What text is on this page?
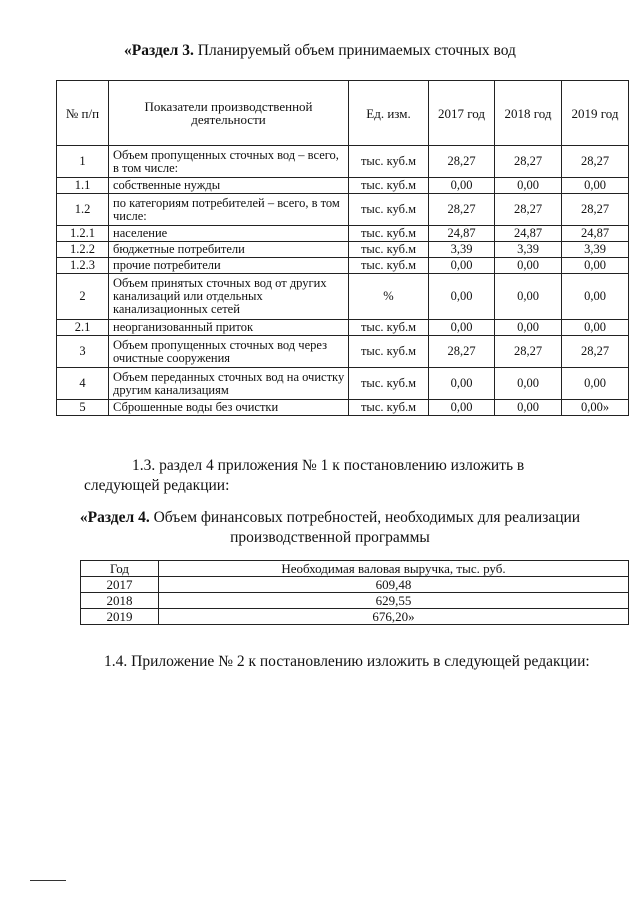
«Раздел 3. Планируемый объем принимаемых сточных вод
№ п/п	Показатели производственной деятельности	Ед. изм.	2017 год	2018 год	2019 год
1	Объем пропущенных сточных вод – всего, в том числе:	тыс. куб.м	28,27	28,27	28,27
1.1	собственные нужды	тыс. куб.м	0,00	0,00	0,00
1.2	по категориям потребителей – всего, в том числе:	тыс. куб.м	28,27	28,27	28,27
1.2.1	население	тыс. куб.м	24,87	24,87	24,87
1.2.2	бюджетные потребители	тыс. куб.м	3,39	3,39	3,39
1.2.3	прочие потребители	тыс. куб.м	0,00	0,00	0,00
2	Объем принятых сточных вод от других канализаций или отдельных канализационных сетей	%	0,00	0,00	0,00
2.1	неорганизованный приток	тыс. куб.м	0,00	0,00	0,00
3	Объем пропущенных сточных вод через очистные сооружения	тыс. куб.м	28,27	28,27	28,27
4	Объем переданных сточных вод на очистку другим канализациям	тыс. куб.м	0,00	0,00	0,00
5	Сброшенные воды без очистки	тыс. куб.м	0,00	0,00	0,00»
1.3. раздел 4 приложения № 1 к постановлению изложить в следующей редакции:
«Раздел 4. Объем финансовых потребностей, необходимых для реализации производственной программы
Год	Необходимая валовая выручка, тыс. руб.
2017	609,48
2018	629,55
2019	676,20»
1.4. Приложение № 2 к постановлению изложить в следующей редакции:
